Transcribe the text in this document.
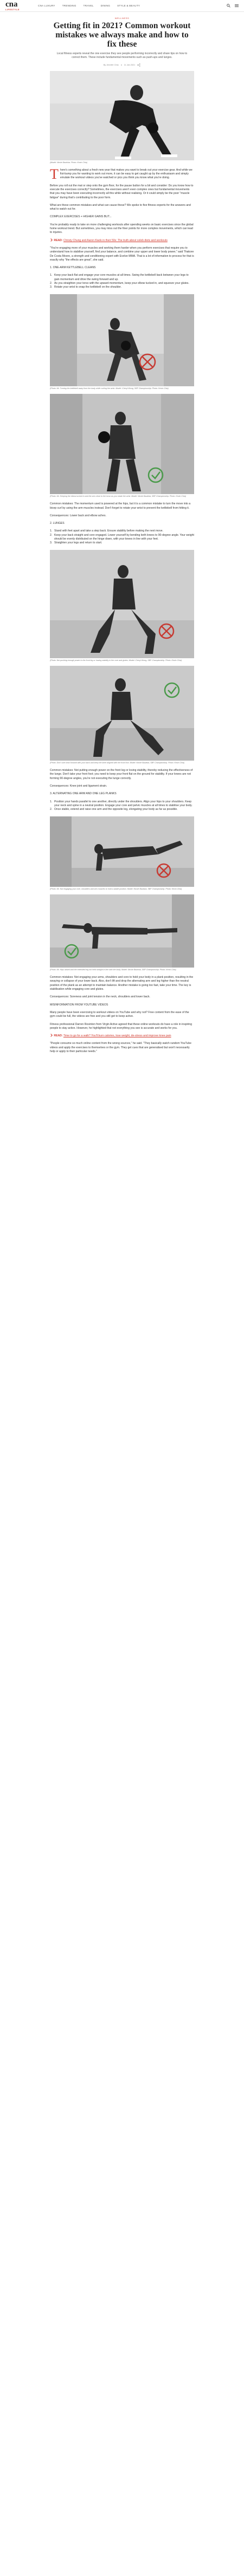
cna
LIFESTYLE
CNA LUXURY	TRENDING	TRAVEL	DINING	STYLE & BEAUTY
WELLNESS
Getting fit in 2021? Common workout mistakes we always make and how to fix these

Local fitness experts reveal the one exercise they see people performing incorrectly and share tips on how to correct them. These include fundamental movements such as push-ups and lunges.

By Jennifer Chia	11 Jan 2021
(Model: Nicole Bautista. Photo: Kevin Chia)

There's something about a fresh new year that makes you want to break out your exercise gear. And while we fist-bump you for wanting to work out more, it can be easy to get caught up by the enthusiasm and simply emulate the workout videos you've watched or pics you think you know what you're doing.

Before you roll out the mat or step onto the gym floor, for the pause button for a bit and consider: Do you know how to execute the exercises correctly? Sometimes, the exercises aren't even complex ones but fundamental movements that you may have been executing incorrectly all this while without realising. Or it could simply be the poor "muscle fatigue" during that's contributing to the poor form.

What are these common mistakes and what can cause these? We spoke to five fitness experts for the answers and what to watch out for.

COMPLEX EXERCISES + HIGHER GAINS BUT...

You're probably ready to take on more challenging workouts after spending weeks on basic exercises since the global home workout trend. But sometimes, you may miss out the finer points for more complex movements, which can lead to injuries.

READ: Christy Chung and Aaron Kwok in their 50s: The truth about celeb diets and workouts

"You're engaging more of your muscles and working them harder when you perform exercises that require you to understand how to stabilise yourself, find your balance, and combine your upper and lower body power," said Thakore De Costa Moore, a strength and conditioning expert with Evolve MMA. That is a lot of information to process for that is exactly why "the effects are great", she said.

1. ONE-ARM KETTLEBELL CLEANS
1. Keep your back flat and engage your core muscles at all times. Swing the kettlebell back between your legs to gain momentum and drive the swing forward and up.
2. As you straighten your torso with the upward momentum, keep your elbow tucked in, and squeeze your glutes.
3. Rotate your wrist to snap the kettlebell on the shoulder.
(Photo: Mr. Turning the kettlebell away from the body while curling the wrist. Model: Cheryl Wong, SBF Championship. Photo: Kevin Chia)
(Photo: Mr. Keeping the elbow tucked in and the arm close to the torso as you rotate the wrist. Model: Nicole Bautista, SBF Championship. Photo: Kevin Chia)

Common mistakes: The momentum used is powered at the hips, but it is a common mistake to turn the move into a bicep curl by using the arm muscles instead. Don't forget to rotate your wrist to prevent the kettlebell from hitting it.

Consequences: Lower back and elbow aches.

2. LUNGES
1. Stand with feet apart and take a step back. Ensure stability before making the next move.
2. Keep your back straight and core engaged. Lower yourself by bending both knees to 90-degree angle. Your weight should be evenly distributed on the hinge down, with your knees in line with your feet.
3. Straighten your legs and return to start.
(Photo: Not pushing enough power to the front leg or having stability in the core and glutes. Model: Cheryl Wong, SBF Championship. Photo: Kevin Chia)
(Photo: Don't over-lean forward with your back and keep the knee aligned with the front foot. Model: Nicole Bautista, SBF Championship. Photo: Kevin Chia)

Common mistakes: Not putting enough power on the front leg or losing stability, thereby reducing the effectiveness of the lunge. Don't take your front foot; you need to keep your front flat on the ground for stability. If your knees are not forming 90-degree angles, you're not executing the lunge correctly.

Consequences: Knee joint and ligament strain.

3. ALTERNATING ONE ARM AND ONE LEG PLANKS
1. Position your hands parallel to one another, directly under the shoulders. Align your hips to your shoulders. Keep your neck and spine in a neutral position. Engage your core and pelvic muscles at all times to stabilise your body.
2. Once stable, extend and raise one arm and the opposite leg, elongating your body as far as possible.
(Photo: Mr. Not engaging your core, shoulders and arm muscles to hold a stable position. Model: Nicole Bautista, SBF Championship. Photo: Kevin Chia)
(Photo: Mr. Hips raised and the extended leg not held straight in line with the body. Model: Nicole Bautista, SBF Championship. Photo: Kevin Chia)

Common mistakes: Not engaging your arms, shoulders and core to hold your body in a plank position, resulting in the swaying or collapse of your lower back. Also, don't lift and drop the alternating arm and leg higher than the neutral position of the plank as an attempt to maintain balance. Another mistake is going too fast, take your time. The key is stabilisation while engaging core and glutes.

Consequences: Soreness and joint tension in the neck, shoulders and lower back.

MISINFORMATION FROM YOUTUBE VIDEOS

Many people have been exercising to workout videos on YouTube and why not? Free content from the ease of the gym could be full, the videos are free and you still get to keep active.

Fitness professional Darren Rosinton from Virgin Active agreed that these online workouts do have a role in inspiring people to stay active. However, he highlighted that not everything you see is accurate and works for you.

READ: Time to go for a walk? You'll burn calories, lose weight, de-stress and improve knee pain

"People consume so much online content from the wrong sources," he said. "They basically watch random YouTube videos and apply the exercises to themselves or the gym. They get cues that are generalised but won't necessarily help or apply to their particular needs."
